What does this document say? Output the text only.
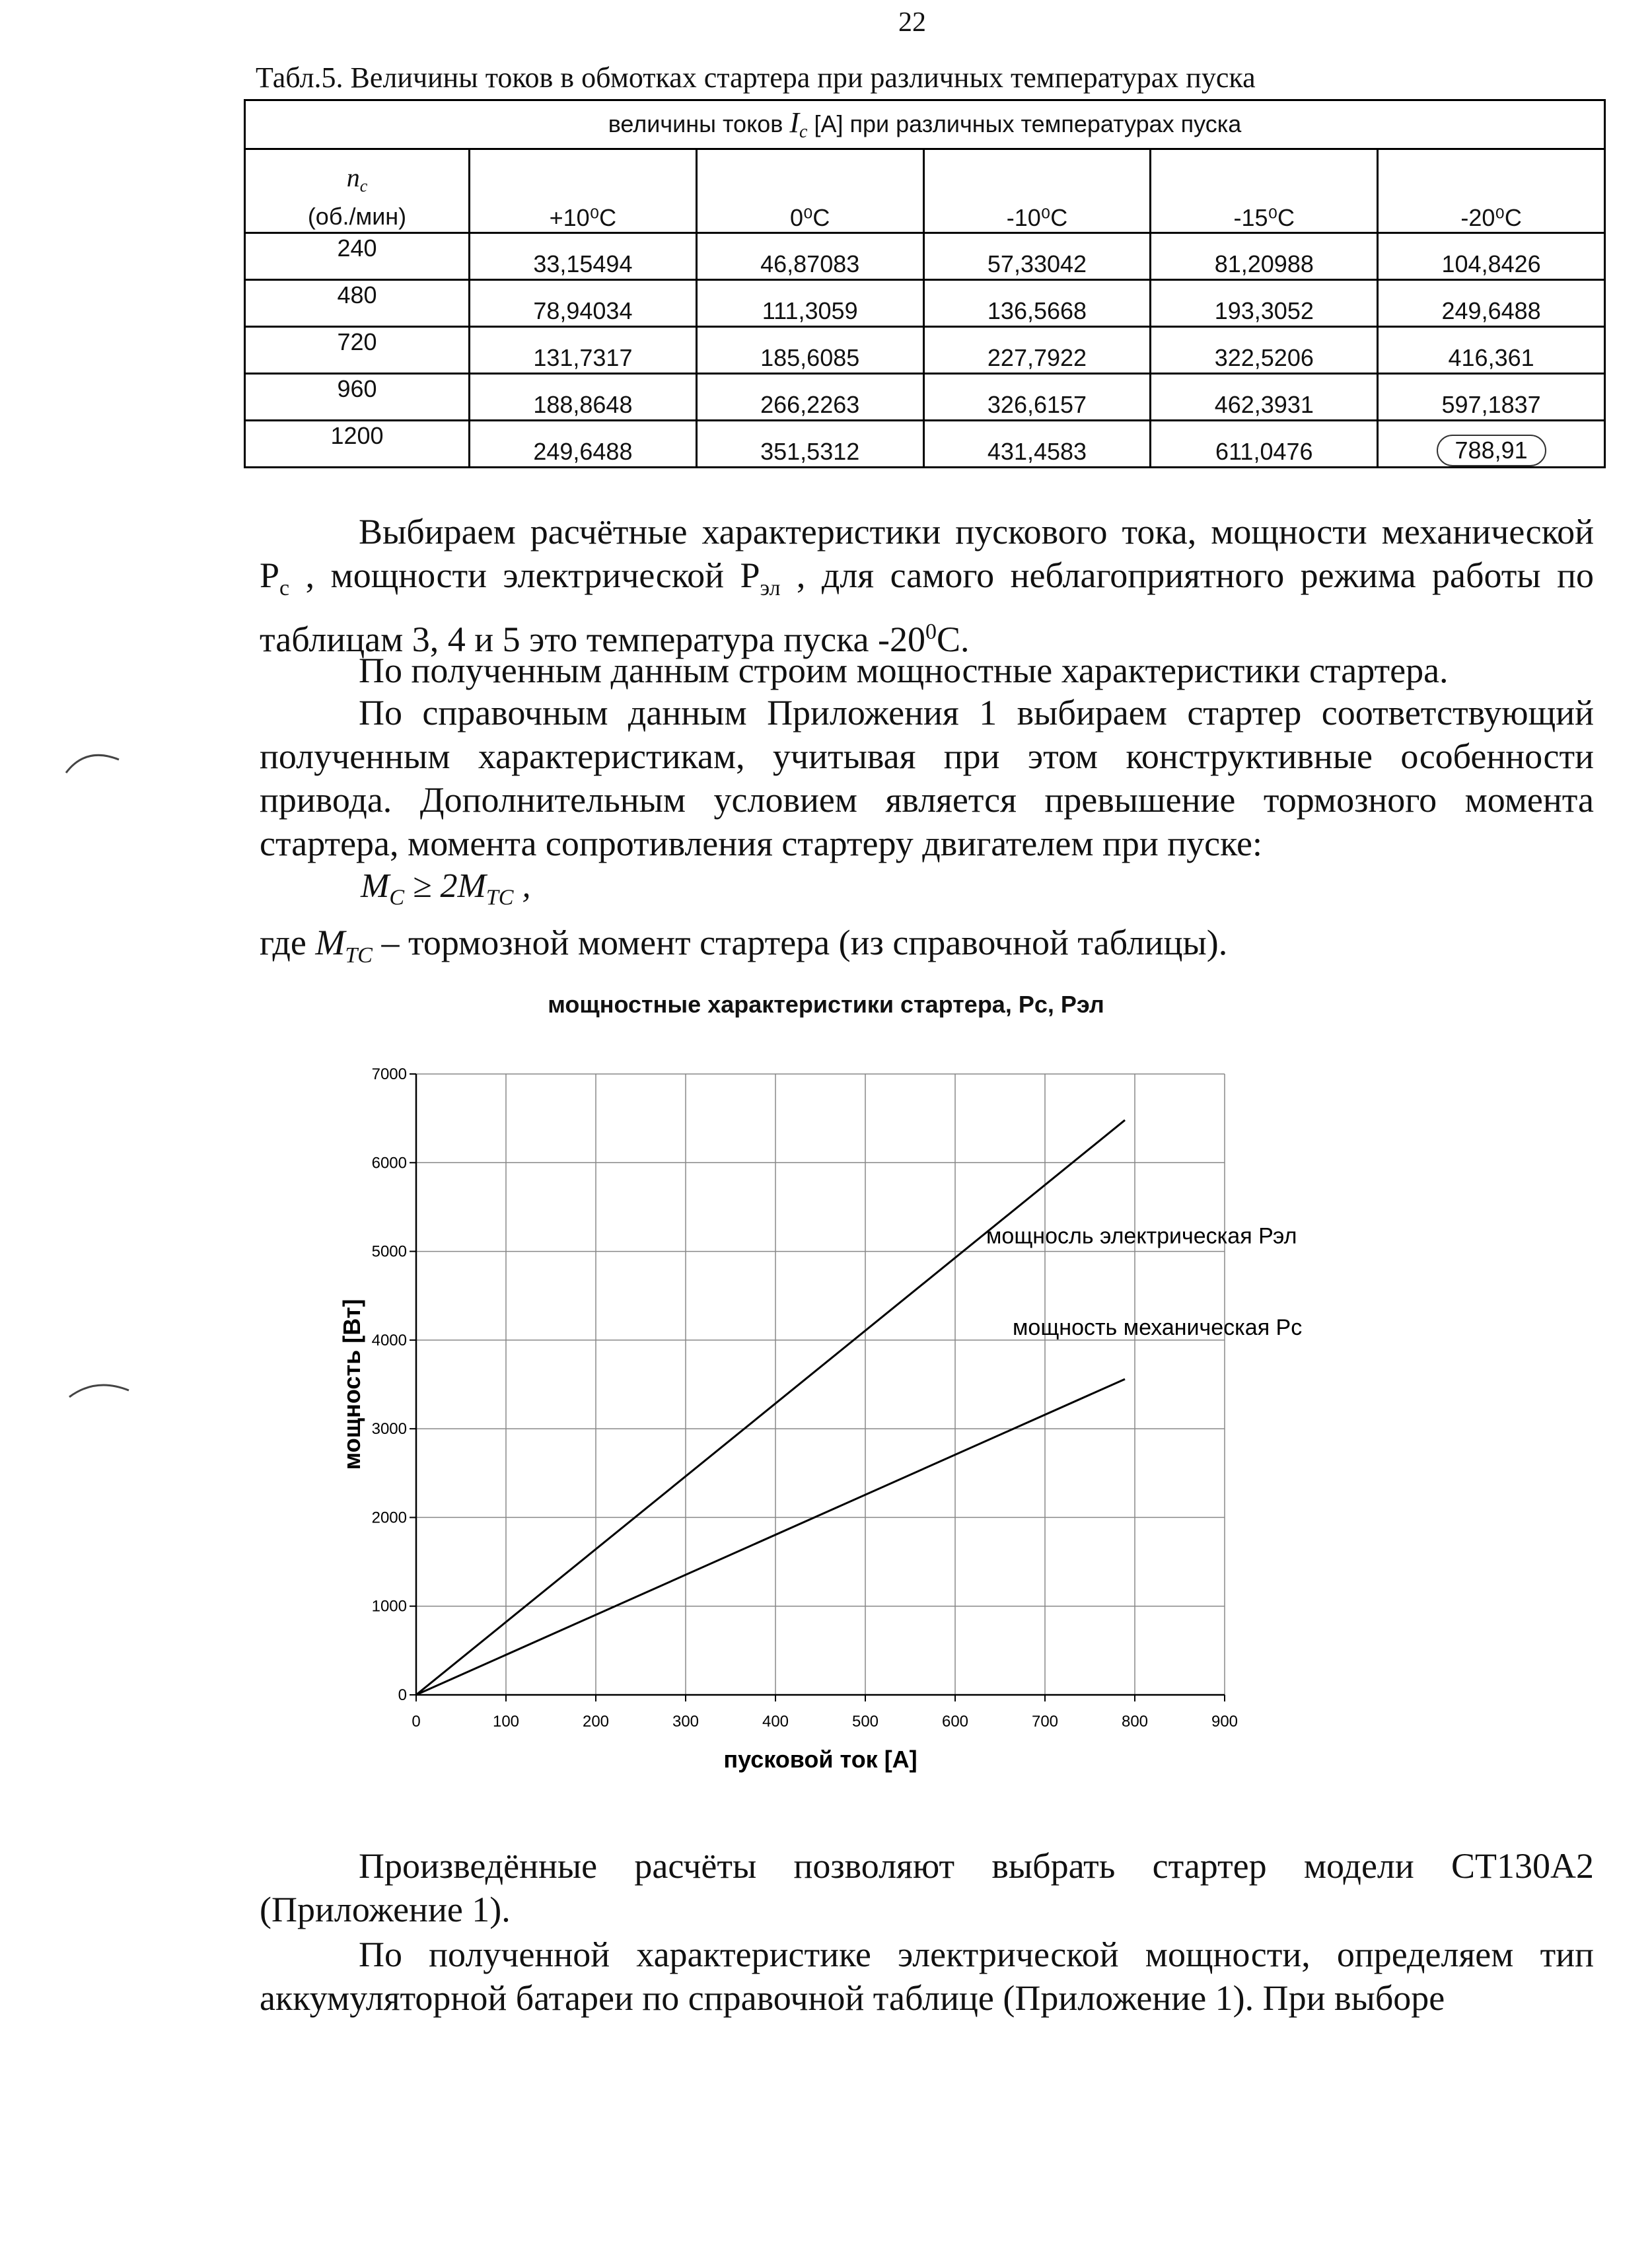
22
Табл.5. Величины токов в обмотках стартера при различных температурах пуска
величины токов $I_c$ [A] при различных температурах пуска					
$n_c$
(об./мин)	+10⁰C	0⁰C	-10⁰C	-15⁰C	-20⁰C
240	33,15494	46,87083	57,33042	81,20988	104,8426
480	78,94034	111,3059	136,5668	193,3052	249,6488
720	131,7317	185,6085	227,7922	322,5206	416,361
960	188,8648	266,2263	326,6157	462,3931	597,1837
1200	249,6488	351,5312	431,4583	611,0476	788,91
Выбираем расчётные характеристики пускового тока, мощности механической $P_c$ , мощности электрической $P_{эл}$ , для самого неблагоприятного режима работы по таблицам 3, 4 и 5 это температура пуска $-20^0C$.
По полученным данным строим мощностные характеристики стартера.
По справочным данным Приложения 1 выбираем стартер соответствующий полученным характеристикам, учитывая при этом конструктивные особенности привода. Дополнительным условием является превышение тормозного момента стартера, момента сопротивления стартеру двигателем при пуске:
$M_C \ge 2M_{TC}$ ,
где $M_{TC}$ – тормозной момент стартера (из справочной таблицы).
мощностные характеристики стартера, Pc, Pэл
0	100	200	300	400	500	600	700	800	900
0
1000
2000
3000
4000
5000
6000
7000
мощносль электрическая Рэл
мощность механическая Pc
пусковой ток [A]
мощность [Вт]
Произведённые расчёты позволяют выбрать стартер модели СТ130А2 (Приложение 1).
По полученной характеристике электрической мощности, определяем тип аккумуляторной батареи по справочной таблице (Приложение 1). При выборе
